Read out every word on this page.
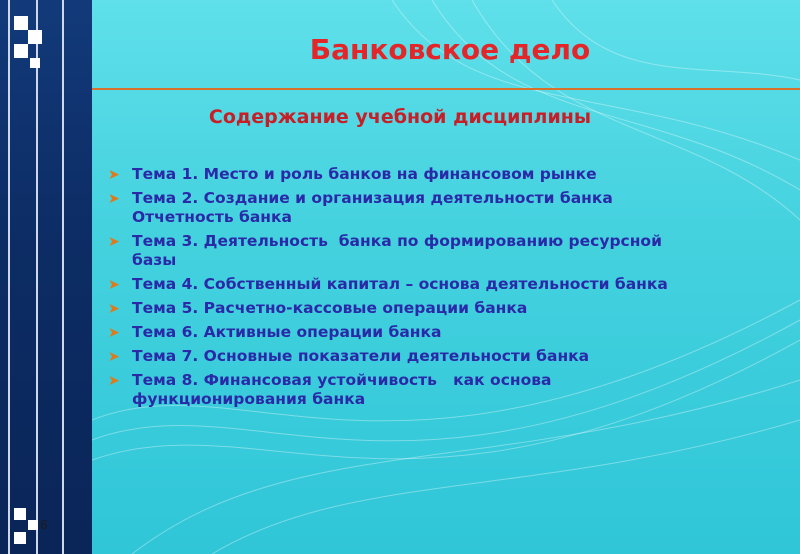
Банковское дело
Содержание учебной дисциплины
➤ Тема 1. Место и роль банков на финансовом рынке
➤ Тема 2. Создание и организация деятельности банка
Отчетность банка
➤ Тема 3. Деятельность  банка по формированию ресурсной
базы
➤ Тема 4. Собственный капитал – основа деятельности банка
➤ Тема 5. Расчетно-кассовые операции банка
➤ Тема 6. Активные операции банка
➤ Тема 7. Основные показатели деятельности банка
➤ Тема 8. Финансовая устойчивость   как основа
функционирования банка
6
